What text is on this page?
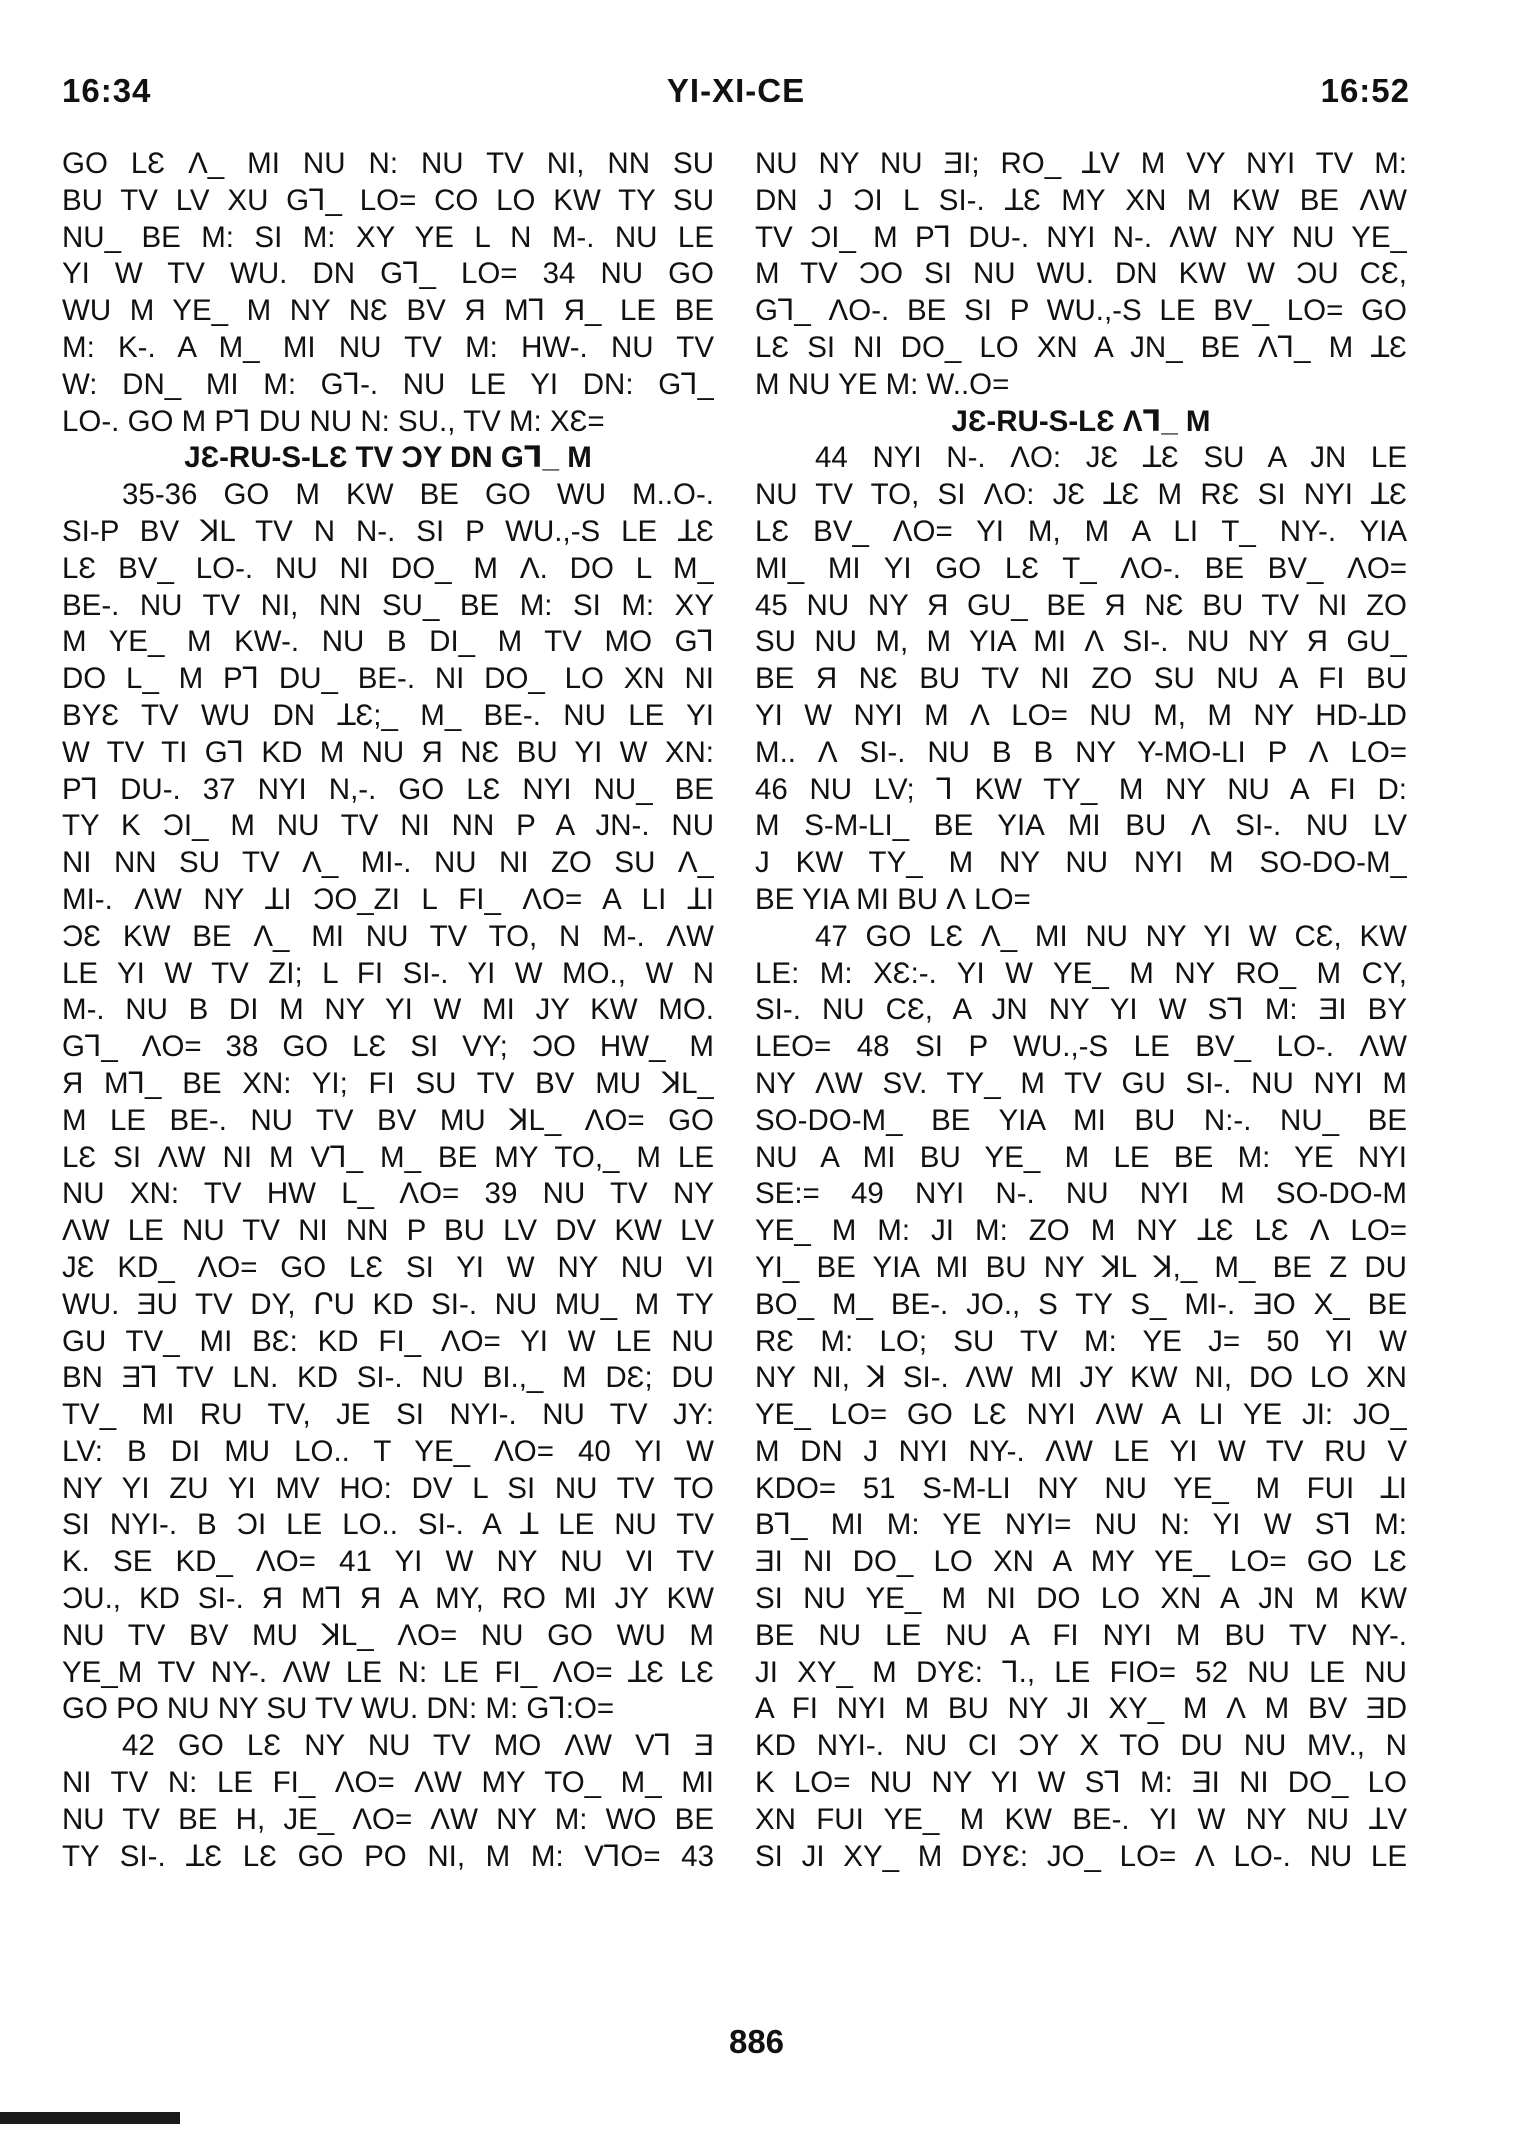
16:34	YI-XI-CE	16:52
GO LƐ Ʌ_ MI NU N: NU TV NI, NN SU
BU TV LV XU GꞀ_ LO= CO LO KW TY SU
NU_ BE M: SI M: XY YE L N M-. NU LE
YI W TV WU. DN GꞀ_ LO= 34 NU GO
WU M YE_ M NY NƐ BV Я MꞀ Я_ LE BE
M: K-. A M_ MI NU TV M: HW-. NU TV
W: DN_ MI M: GꞀ-. NU LE YI DN: GꞀ_
LO-. GO M PꞀ DU NU N: SU., TV M: XƐ=
JƐ-RU-S-LƐ TV ƆY DN GꞀ_ M
35-36 GO M KW BE GO WU M..O-.
SI-P BV ꓘL TV N N-. SI P WU.,-S LE ꓕƐ
LƐ BV_ LO-. NU NI DO_ M Ʌ. DO L M_
BE-. NU TV NI, NN SU_ BE M: SI M: XY
M YE_ M KW-. NU B DI_ M TV MO GꞀ
DO L_ M PꞀ DU_ BE-. NI DO_ LO XN NI
BYƐ TV WU DN ꓕƐ;_ M_ BE-. NU LE YI
W TV TI GꞀ KD M NU Я NƐ BU YI W XN:
PꞀ DU-. 37 NYI N,-. GO LƐ NYI NU_ BE
TY K ƆI_ M NU TV NI NN P A JN-. NU
NI NN SU TV Ʌ_ MI-. NU NI ZO SU Ʌ_
MI-. ɅW NY ꓕI ƆO_ZI L FI_ ɅO= A LI ꓕI
ƆƐ KW BE Ʌ_ MI NU TV TO, N M-. ɅW
LE YI W TV ZI; L FI SI-. YI W MO., W N
M-. NU B DI M NY YI W MI JY KW MO.
GꞀ_ ɅO= 38 GO LƐ SI VY; ƆO HW_ M
Я MꞀ_ BE XN: YI; FI SU TV BV MU ꓘL_
M LE BE-. NU TV BV MU ꓘL_ ɅO= GO
LƐ SI ɅW NI M VꞀ_ M_ BE MY TO,_ M LE
NU XN: TV HW L_ ɅO= 39 NU TV NY
ɅW LE NU TV NI NN P BU LV DV KW LV
JƐ KD_ ɅO= GO LƐ SI YI W NY NU VI
WU. ƎU TV DY, ՐU KD SI-. NU MU_ M TY
GU TV_ MI BƐ: KD FI_ ɅO= YI W LE NU
BN ƎꞀ TV LN. KD SI-. NU BI.,_ M DƐ; DU
TV_ MI RU TV, JE SI NYI-. NU TV JY:
LV: B DI MU LO.. T YE_ ɅO= 40 YI W
NY YI ZU YI MV HO: DV L SI NU TV TO
SI NYI-. B ƆI LE LO.. SI-. A ꓕ LE NU TV
K. SE KD_ ɅO= 41 YI W NY NU VI TV
ƆU., KD SI-. Я MꞀ Я A MY, RO MI JY KW
NU TV BV MU ꓘL_ ɅO= NU GO WU M
YE_M TV NY-. ɅW LE N: LE FI_ ɅO= ꓕƐ LƐ
GO PO NU NY SU TV WU. DN: M: GꞀ:O=
42 GO LƐ NY NU TV MO ɅW VꞀ Ǝ
NI TV N: LE FI_ ɅO= ɅW MY TO_ M_ MI
NU TV BE H, JE_ ɅO= ɅW NY M: WO BE
TY SI-. ꓕƐ LƐ GO PO NI, M M: VꞀO= 43
NU NY NU ƎI; RO_ ꓕV M VY NYI TV M:
DN J ƆI L SI-. ꓕƐ MY XN M KW BE ɅW
TV ƆI_ M PꞀ DU-. NYI N-. ɅW NY NU YE_
M TV ƆO SI NU WU. DN KW W ƆU CƐ,
GꞀ_ ɅO-. BE SI P WU.,-S LE BV_ LO= GO
LƐ SI NI DO_ LO XN A JN_ BE ɅꞀ_ M ꓕƐ
M NU YE M: W..O=
JƐ-RU-S-LƐ ɅꞀ_ M
44 NYI N-. ɅO: JƐ ꓕƐ SU A JN LE
NU TV TO, SI ɅO: JƐ ꓕƐ M RƐ SI NYI ꓕƐ
LƐ BV_ ɅO= YI M, M A LI T_ NY-. YIA
MI_ MI YI GO LƐ T_ ɅO-. BE BV_ ɅO=
45 NU NY Я GU_ BE Я NƐ BU TV NI ZO
SU NU M, M YIA MI Ʌ SI-. NU NY Я GU_
BE Я NƐ BU TV NI ZO SU NU A FI BU
YI W NYI M Ʌ LO= NU M, M NY HD-ꓕD
M.. Ʌ SI-. NU B B NY Y-MO-LI P Ʌ LO=
46 NU LV; Ꞁ KW TY_ M NY NU A FI D:
M S-M-LI_ BE YIA MI BU Ʌ SI-. NU LV
J KW TY_ M NY NU NYI M SO-DO-M_
BE YIA MI BU Ʌ LO=
47 GO LƐ Ʌ_ MI NU NY YI W CƐ, KW
LE: M: XƐ:-. YI W YE_ M NY RO_ M CY,
SI-. NU CƐ, A JN NY YI W SꞀ M: ƎI BY
LEO= 48 SI P WU.,-S LE BV_ LO-. ɅW
NY ɅW SV. TY_ M TV GU SI-. NU NYI M
SO-DO-M_ BE YIA MI BU N:-. NU_ BE
NU A MI BU YE_ M LE BE M: YE NYI
SE:= 49 NYI N-. NU NYI M SO-DO-M
YE_ M M: JI M: ZO M NY ꓕƐ LƐ Ʌ LO=
YI_ BE YIA MI BU NY ꓘL ꓘ,_ M_ BE Z DU
BO_ M_ BE-. JO., S TY S_ MI-. ƎO X_ BE
RƐ M: LO; SU TV M: YE J= 50 YI W
NY NI, ꓘ SI-. ɅW MI JY KW NI, DO LO XN
YE_ LO= GO LƐ NYI ɅW A LI YE JI: JO_
M DN J NYI NY-. ɅW LE YI W TV RU V
KDO= 51 S-M-LI NY NU YE_ M FUI ꓕI
BꞀ_ MI M: YE NYI= NU N: YI W SꞀ M:
ƎI NI DO_ LO XN A MY YE_ LO= GO LƐ
SI NU YE_ M NI DO LO XN A JN M KW
BE NU LE NU A FI NYI M BU TV NY-.
JI XY_ M DYƐ: Ꞁ., LE FIO= 52 NU LE NU
A FI NYI M BU NY JI XY_ M Ʌ M BV ƎD
KD NYI-. NU CI ƆY X TO DU NU MV., N
K LO= NU NY YI W SꞀ M: ƎI NI DO_ LO
XN FUI YE_ M KW BE-. YI W NY NU ꓕV
SI JI XY_ M DYƐ: JO_ LO= Ʌ LO-. NU LE
886
